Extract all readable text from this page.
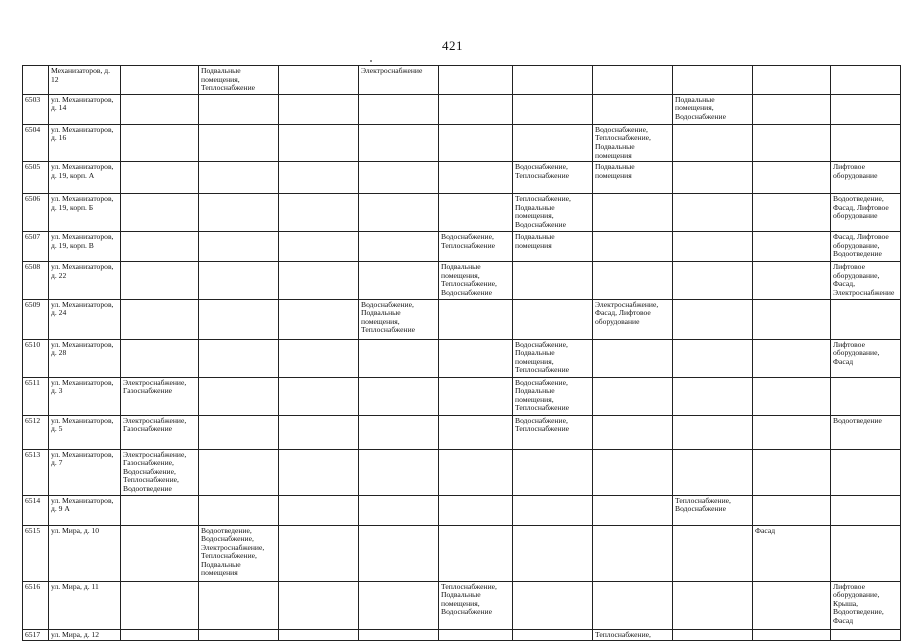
421
	Механизаторов, д. 12		Подвальные помещения, Теплоснабжение		Электроснабжение						
6503	ул. Механизаторов, д. 14								Подвальные помещения, Водоснабжение		
6504	ул. Механизаторов, д. 16							Водоснабжение, Теплоснабжение, Подвальные помещения			
6505	ул. Механизаторов, д. 19, корп. А						Водоснабжение, Теплоснабжение	Подвальные помещения			Лифтовое оборудование
6506	ул. Механизаторов, д. 19, корп. Б						Теплоснабжение, Подвальные помещения, Водоснабжение				Водоотведение, Фасад, Лифтовое оборудование
6507	ул. Механизаторов, д. 19, корп. В					Водоснабжение, Теплоснабжение	Подвальные помещения				Фасад, Лифтовое оборудование, Водоотведение
6508	ул. Механизаторов, д. 22					Подвальные помещения, Теплоснабжение, Водоснабжение					Лифтовое оборудование, Фасад, Электроснабжение
6509	ул. Механизаторов, д. 24				Водоснабжение, Подвальные помещения, Теплоснабжение			Электроснабжение, Фасад, Лифтовое оборудование			
6510	ул. Механизаторов, д. 28						Водоснабжение, Подвальные помещения, Теплоснабжение				Лифтовое оборудование, Фасад
6511	ул. Механизаторов, д. 3	Электроснабжение, Газоснабжение					Водоснабжение, Подвальные помещения, Теплоснабжение				
6512	ул. Механизаторов, д. 5	Электроснабжение, Газоснабжение					Водоснабжение, Теплоснабжение				Водоотведение
6513	ул. Механизаторов, д. 7	Электроснабжение, Газоснабжение, Водоснабжение, Теплоснабжение, Водоотведение									
6514	ул. Механизаторов, д. 9 А								Теплоснабжение, Водоснабжение		
6515	ул. Мира, д. 10		Водоотведение, Водоснабжение, Электроснабжение, Теплоснабжение, Подвальные помещения							Фасад	
6516	ул. Мира, д. 11					Теплоснабжение, Подвальные помещения, Водоснабжение					Лифтовое оборудование, Крыша, Водоотведение, Фасад
6517	ул. Мира, д. 12							Теплоснабжение,			
